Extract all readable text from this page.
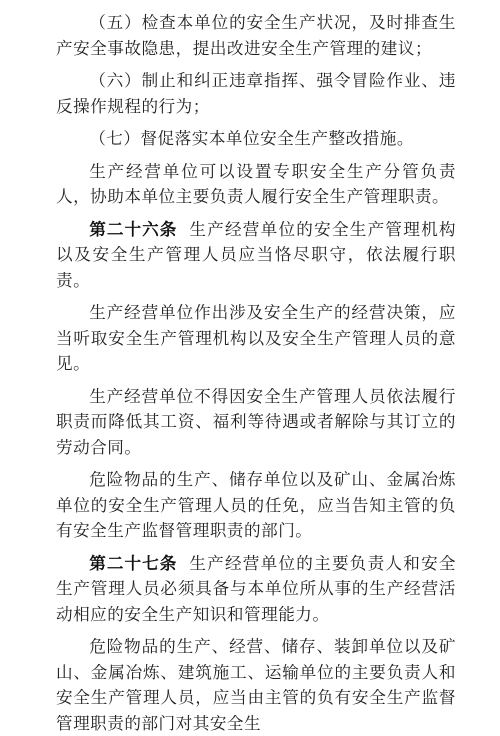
（五）检查本单位的安全生产状况，及时排查生产安全事故隐患，提出改进安全生产管理的建议；

（六）制止和纠正违章指挥、强令冒险作业、违反操作规程的行为；

（七）督促落实本单位安全生产整改措施。

生产经营单位可以设置专职安全生产分管负责人，协助本单位主要负责人履行安全生产管理职责。

第二十六条 生产经营单位的安全生产管理机构以及安全生产管理人员应当恪尽职守，依法履行职责。

生产经营单位作出涉及安全生产的经营决策，应当听取安全生产管理机构以及安全生产管理人员的意见。

生产经营单位不得因安全生产管理人员依法履行职责而降低其工资、福利等待遇或者解除与其订立的劳动合同。

危险物品的生产、储存单位以及矿山、金属冶炼单位的安全生产管理人员的任免，应当告知主管的负有安全生产监督管理职责的部门。

第二十七条 生产经营单位的主要负责人和安全生产管理人员必须具备与本单位所从事的生产经营活动相应的安全生产知识和管理能力。

危险物品的生产、经营、储存、装卸单位以及矿山、金属冶炼、建筑施工、运输单位的主要负责人和安全生产管理人员，应当由主管的负有安全生产监督管理职责的部门对其安全生
